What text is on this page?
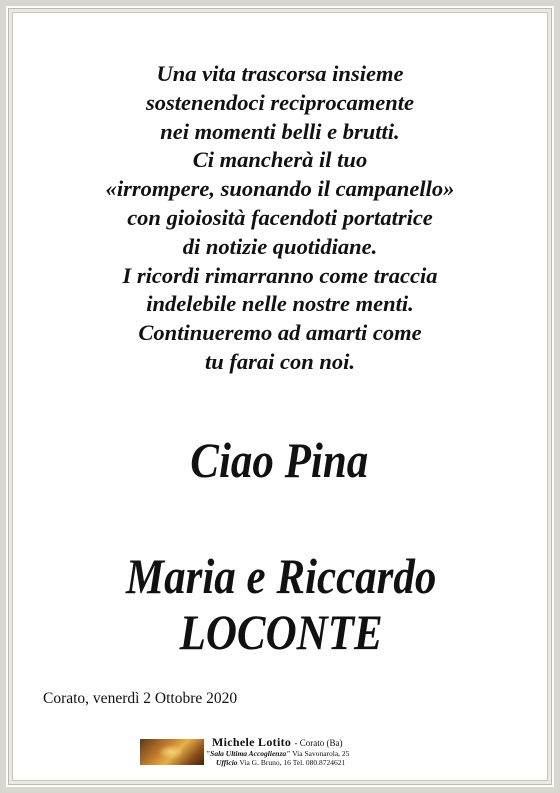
Una vita trascorsa insieme
sostenendoci reciprocamente
nei momenti belli e brutti.
Ci mancherà il tuo
«irrompere, suonando il campanello»
con gioiosità facendoti portatrice
di notizie quotidiane.
I ricordi rimarranno come traccia
indelebile nelle nostre menti.
Continueremo ad amarti come
tu farai con noi.
Ciao Pina
Maria e Riccardo
LOCONTE
Corato, venerdì 2 Ottobre 2020
Michele Lotito - Corato (Ba)
"Sala Ultima Accoglienza" Via Savonarola, 25
Ufficio Via G. Bruno, 16 Tel. 080.8724621
